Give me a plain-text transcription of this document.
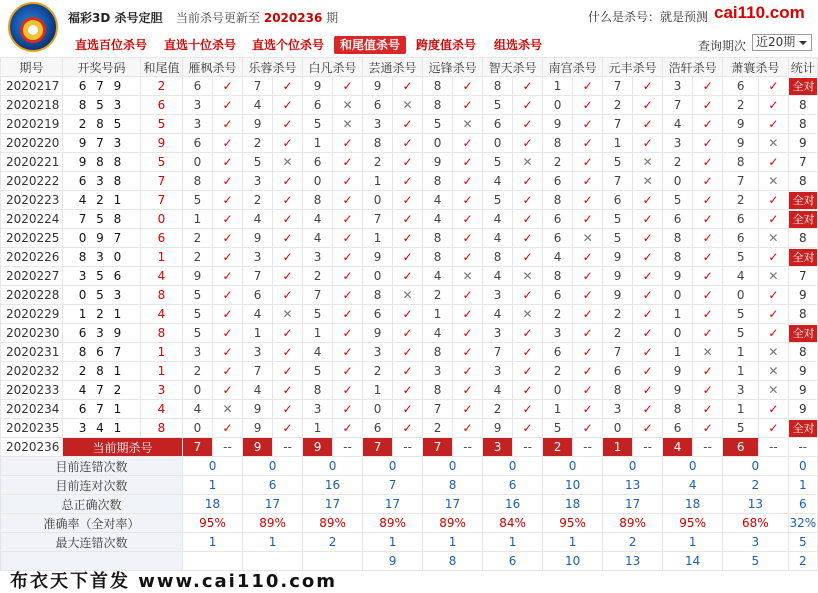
福彩3D 杀号定胆 当前杀号更新至 2020236 期	什么是杀号：就是预测 cai110.com
直选百位杀号 直选十位杀号 直选个位杀号	和尾值杀号	跨度值杀号 组选杀号	查询期次 近20期
期号	开奖号码	和尾值	雁枫杀号		乐蓉杀号		白凡杀号		芸通杀号		远锋杀号		智天杀号		南宫杀号		元丰杀号		浩轩杀号		萧寰杀号		统计
2020217	6 7 9	2	6	✓	7	✓	9	✓	9	✓	8	✓	8	✓	1	✓	7	✓	3	✓	6	✓	全对
2020218	8 5 3	6	3	✓	4	✓	6	✕	6	✕	8	✓	5	✓	0	✓	2	✓	7	✓	2	✓	8
2020219	2 8 5	5	3	✓	9	✓	5	✕	3	✓	5	✕	6	✓	9	✓	7	✓	4	✓	9	✓	8
2020220	9 7 3	9	6	✓	2	✓	1	✓	8	✓	0	✓	0	✓	8	✓	1	✓	3	✓	9	✕	9
2020221	9 8 8	5	0	✓	5	✕	6	✓	2	✓	9	✓	5	✕	2	✓	5	✕	2	✓	8	✓	7
2020222	6 3 8	7	8	✓	3	✓	0	✓	1	✓	8	✓	4	✓	6	✓	7	✕	0	✓	7	✕	8
2020223	4 2 1	7	5	✓	2	✓	8	✓	0	✓	4	✓	5	✓	8	✓	6	✓	5	✓	2	✓	全对
2020224	7 5 8	0	1	✓	4	✓	4	✓	7	✓	4	✓	4	✓	6	✓	5	✓	6	✓	6	✓	全对
2020225	0 9 7	6	2	✓	9	✓	4	✓	1	✓	8	✓	4	✓	6	✕	5	✓	8	✓	6	✕	8
2020226	8 3 0	1	2	✓	3	✓	3	✓	9	✓	8	✓	8	✓	4	✓	9	✓	8	✓	5	✓	全对
2020227	3 5 6	4	9	✓	7	✓	2	✓	0	✓	4	✕	4	✕	8	✓	9	✓	9	✓	4	✕	7
2020228	0 5 3	8	5	✓	6	✓	7	✓	8	✕	2	✓	3	✓	6	✓	9	✓	0	✓	0	✓	9
2020229	1 2 1	4	5	✓	4	✕	5	✓	6	✓	1	✓	4	✕	2	✓	2	✓	1	✓	5	✓	8
2020230	6 3 9	8	5	✓	1	✓	1	✓	9	✓	4	✓	3	✓	3	✓	2	✓	0	✓	5	✓	全对
2020231	8 6 7	1	3	✓	3	✓	4	✓	3	✓	8	✓	7	✓	6	✓	7	✓	1	✕	1	✕	8
2020232	2 8 1	1	2	✓	7	✓	5	✓	2	✓	3	✓	3	✓	2	✓	6	✓	9	✓	1	✕	9
2020233	4 7 2	3	0	✓	4	✓	8	✓	1	✓	8	✓	4	✓	0	✓	8	✓	9	✓	3	✕	9
2020234	6 7 1	4	4	✕	9	✓	3	✓	0	✓	7	✓	2	✓	1	✓	3	✓	8	✓	1	✓	9
2020235	3 4 1	8	0	✓	9	✓	1	✓	6	✓	2	✓	9	✓	5	✓	0	✓	6	✓	5	✓	全对
2020236	当前期杀号		7	--	9	--	9	--	7	--	7	--	3	--	2	--	1	--	4	--	6	--	--
目前连错次数			0		0		0		0		0		0		0		0		0		0		0
目前连对次数			1		6		16		7		8		6		10		13		4		2		1
总正确次数			18		17		17		17		17		16		18		17		18		13		6
准确率（全对率）			95%		89%		89%		89%		89%		84%		95%		89%		95%		68%		32%
最大连错次数			1		1		2		1		1		1		1		2		1		3		5
									9		8		6		10		13		14		5		2
布衣天下首发 www.cai110.com
